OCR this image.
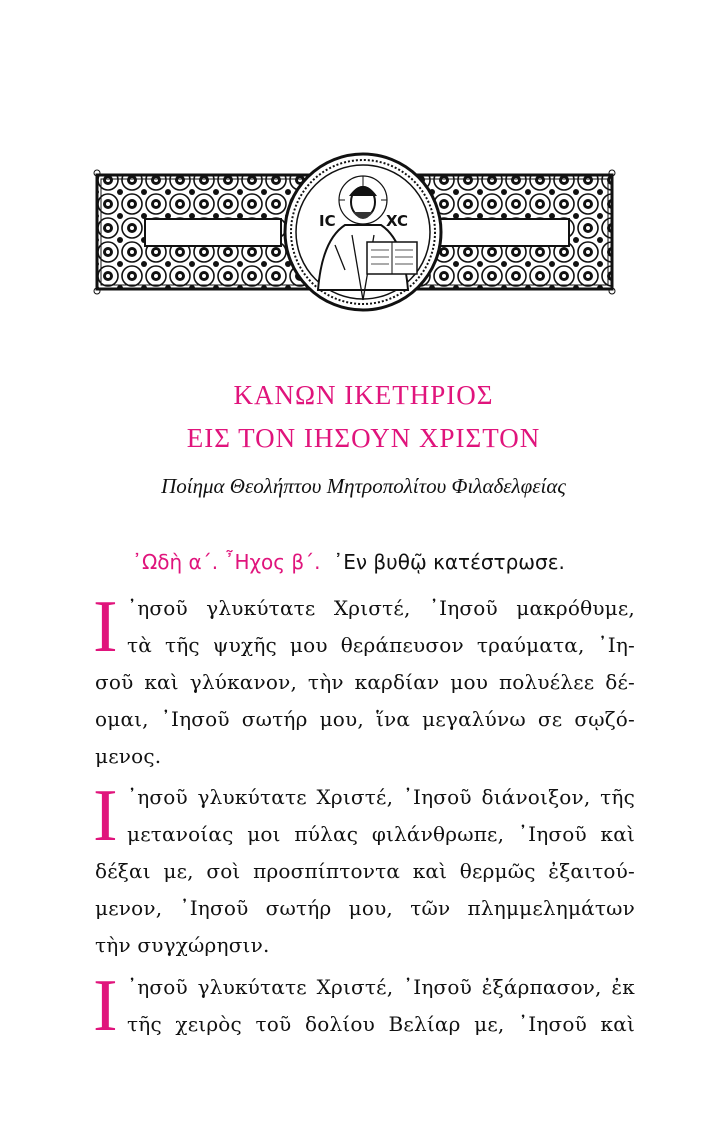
IC	XC
ΚΑΝΩΝ ΙΚΕΤΗΡΙΟΣ
ΕΙΣ ΤΟΝ ΙΗΣΟΥΝ ΧΡΙΣΤΟΝ
Ποίημα Θεολήπτου Μητροπολίτου Φιλαδελφείας
᾿Ωδὴ α΄. ῏Ηχος β΄. ᾿Εν βυθῷ κατέστρωσε.
Ι ᾿ησοῦ γλυκύτατε Χριστέ, ᾿Ιησοῦ μακρόθυμε,
τὰ τῆς ψυχῆς μου θεράπευσον τραύματα, ᾿Ιη-
σοῦ καὶ γλύκανον, τὴν καρδίαν μου πολυέλεε δέ-
ομαι, ᾿Ιησοῦ σωτήρ μου, ἵνα μεγαλύνω σε σῳζό-
μενος.
Ι ᾿ησοῦ γλυκύτατε Χριστέ, ᾿Ιησοῦ διάνοιξον, τῆς
μετανοίας μοι πύλας φιλάνθρωπε, ᾿Ιησοῦ καὶ
δέξαι με, σοὶ προσπίπτοντα καὶ θερμῶς ἐξαιτού-
μενον, ᾿Ιησοῦ σωτήρ μου, τῶν πλημμελημάτων
τὴν συγχώρησιν.
Ι ᾿ησοῦ γλυκύτατε Χριστέ, ᾿Ιησοῦ ἐξάρπασον, ἐκ
τῆς χειρὸς τοῦ δολίου Βελίαρ με, ᾿Ιησοῦ καὶ
